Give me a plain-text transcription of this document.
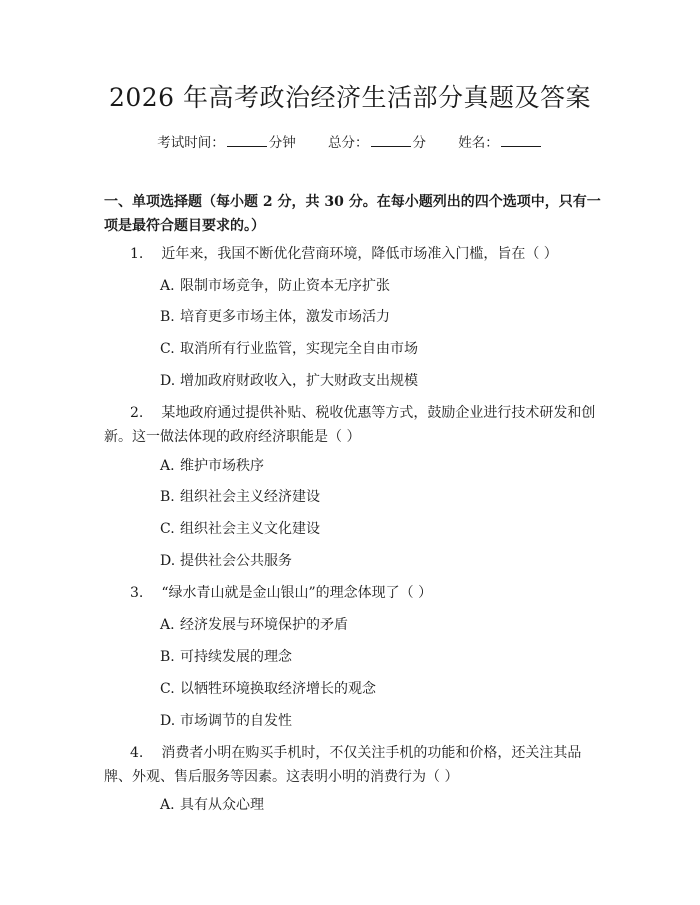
2026 年高考政治经济生活部分真题及答案
考试时间：	分钟 总分：	分 姓名：

一、单项选择题（每小题 2 分，共 30 分。在每小题列出的四个选项中，只有一项是最符合题目要求的。）

1. 近年来，我国不断优化营商环境，降低市场准入门槛，旨在（ ）
A. 限制市场竞争，防止资本无序扩张
B. 培育更多市场主体，激发市场活力
C. 取消所有行业监管，实现完全自由市场
D. 增加政府财政收入，扩大财政支出规模
2. 某地政府通过提供补贴、税收优惠等方式，鼓励企业进行技术研发和创新。这一做法体现的政府经济职能是（ ）
A. 维护市场秩序
B. 组织社会主义经济建设
C. 组织社会主义文化建设
D. 提供社会公共服务
3. “绿水青山就是金山银山”的理念体现了（ ）
A. 经济发展与环境保护的矛盾
B. 可持续发展的理念
C. 以牺牲环境换取经济增长的观念
D. 市场调节的自发性
4. 消费者小明在购买手机时，不仅关注手机的功能和价格，还关注其品牌、外观、售后服务等因素。这表明小明的消费行为（ ）
A. 具有从众心理
